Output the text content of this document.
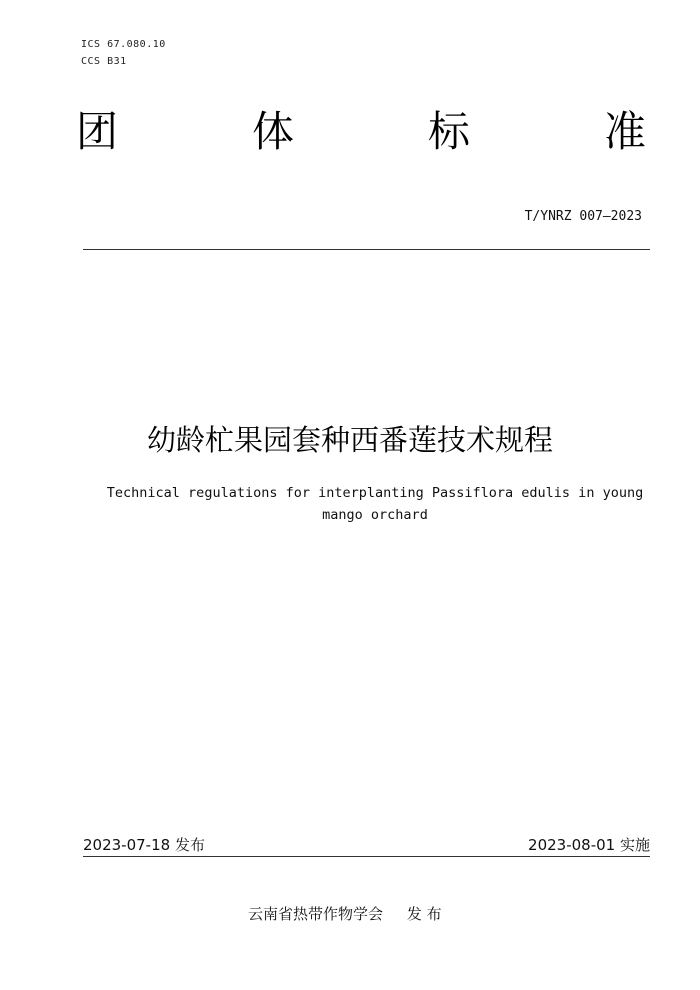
ICS 67.080.10
CCS B31
团	体	标	准
T/YNRZ 007—2023
幼龄杧果园套种西番莲技术规程
Technical regulations for interplanting Passiflora edulis in young
mango orchard
2023-07-18 发布	2023-08-01 实施
云南省热带作物学会     发 布
